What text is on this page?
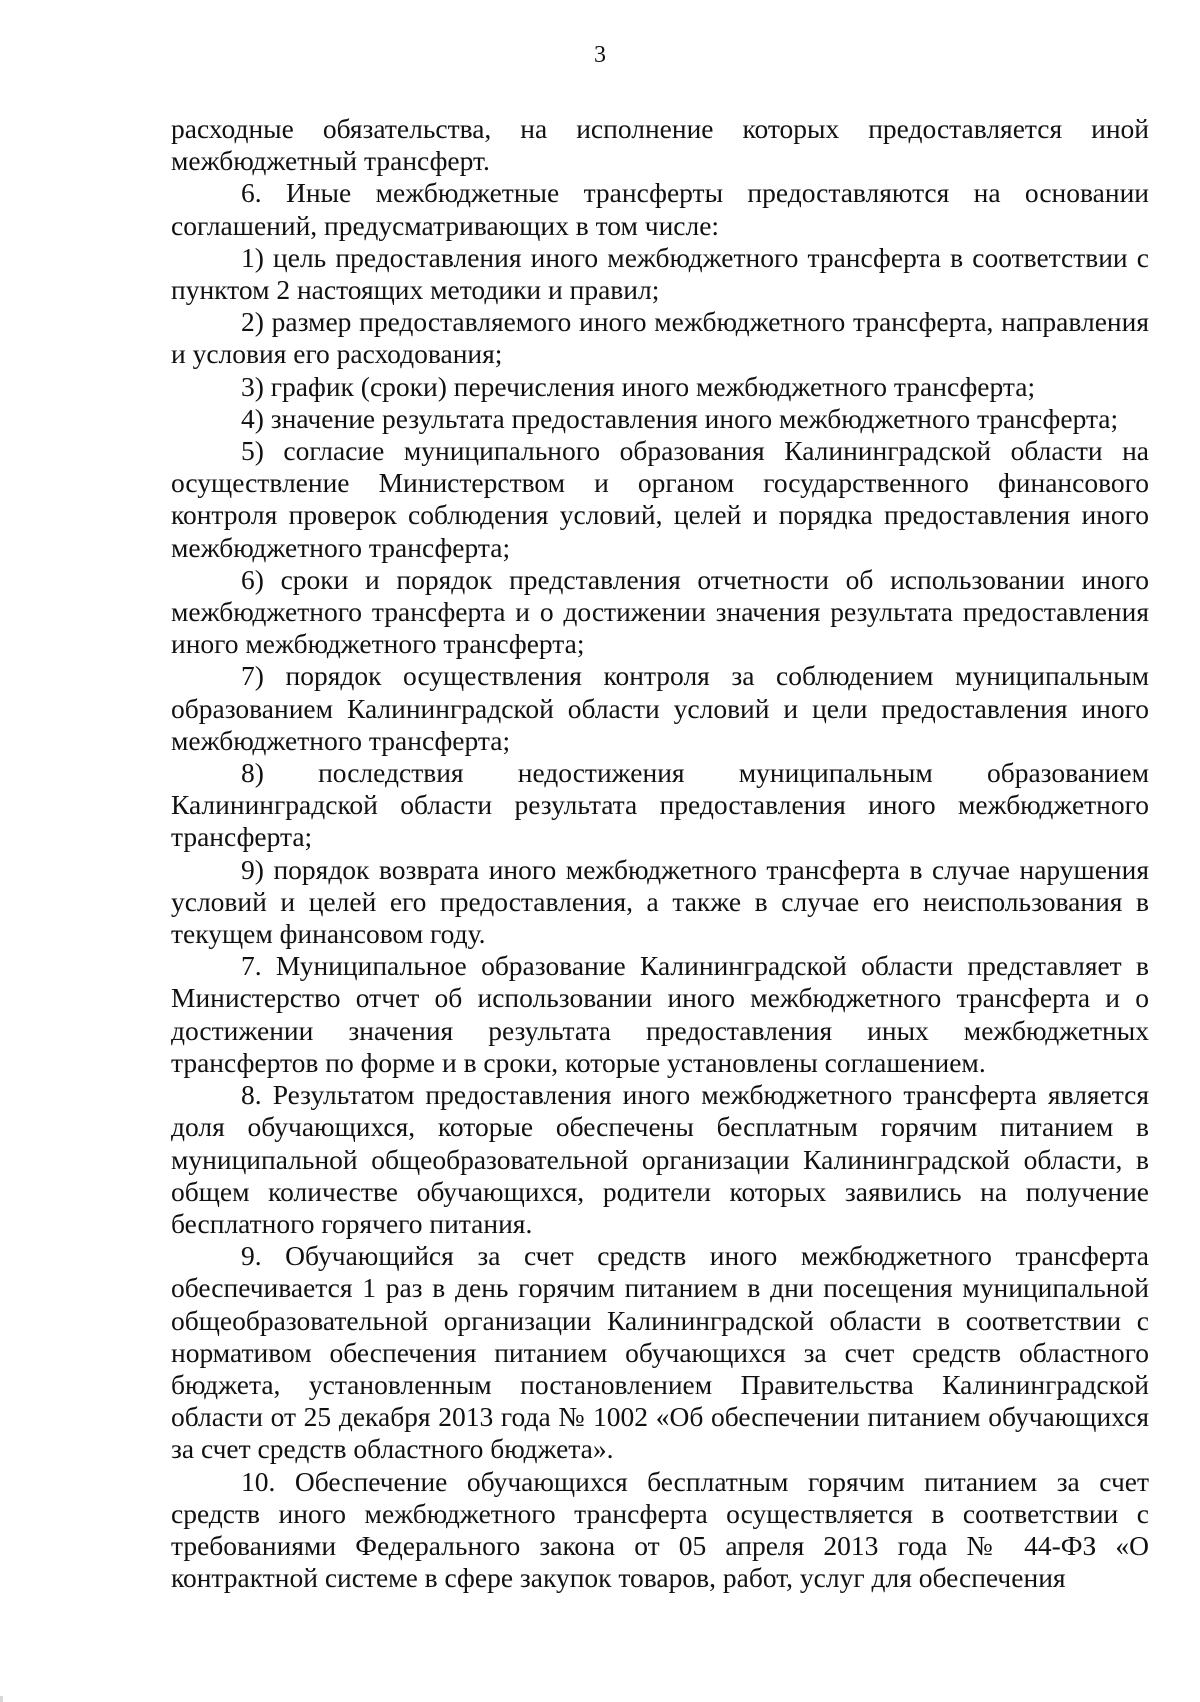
3

расходные обязательства, на исполнение которых предоставляется иной межбюджетный трансферт.

6. Иные межбюджетные трансферты предоставляются на основании соглашений, предусматривающих в том числе:

1) цель предоставления иного межбюджетного трансферта в соответствии с пунктом 2 настоящих методики и правил;

2) размер предоставляемого иного межбюджетного трансферта, направления и условия его расходования;

3) график (сроки) перечисления иного межбюджетного трансферта;

4) значение результата предоставления иного межбюджетного трансферта;

5) согласие муниципального образования Калининградской области на осуществление Министерством и органом государственного финансового контроля проверок соблюдения условий, целей и порядка предоставления иного межбюджетного трансферта;

6) сроки и порядок представления отчетности об использовании иного межбюджетного трансферта и о достижении значения результата предоставления иного межбюджетного трансферта;

7) порядок осуществления контроля за соблюдением муниципальным образованием Калининградской области условий и цели предоставления иного межбюджетного трансферта;

8) последствия недостижения муниципальным образованием Калининградской области результата предоставления иного межбюджетного трансферта;

9) порядок возврата иного межбюджетного трансферта в случае нарушения условий и целей его предоставления, а также в случае его неиспользования в текущем финансовом году.

7. Муниципальное образование Калининградской области представляет в Министерство отчет об использовании иного межбюджетного трансферта и о достижении значения результата предоставления иных межбюджетных трансфертов по форме и в сроки, которые установлены соглашением.

8. Результатом предоставления иного межбюджетного трансферта является доля обучающихся, которые обеспечены бесплатным горячим питанием в муниципальной общеобразовательной организации Калининградской области, в общем количестве обучающихся, родители которых заявились на получение бесплатного горячего питания.

9. Обучающийся за счет средств иного межбюджетного трансферта обеспечивается 1 раз в день горячим питанием в дни посещения муниципальной общеобразовательной организации Калининградской области в соответствии с нормативом обеспечения питанием обучающихся за счет средств областного бюджета, установленным постановлением Правительства Калининградской области от 25 декабря 2013 года № 1002 «Об обеспечении питанием обучающихся за счет средств областного бюджета».

10. Обеспечение обучающихся бесплатным горячим питанием за счет средств иного межбюджетного трансферта осуществляется в соответствии с требованиями Федерального закона от 05 апреля 2013 года № 44-ФЗ «О контрактной системе в сфере закупок товаров, работ, услуг для обеспечения
